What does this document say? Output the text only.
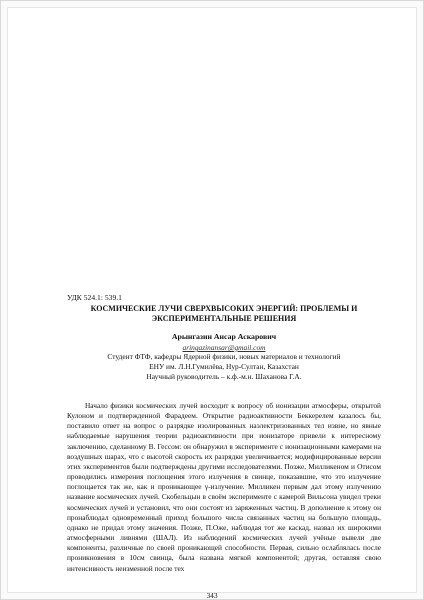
УДК 524.1: 539.1
КОСМИЧЕСКИЕ ЛУЧИ СВЕРХВЫСОКИХ ЭНЕРГИЙ: ПРОБЛЕМЫ И
ЭКСПЕРИМЕНТАЛЬНЫЕ РЕШЕНИЯ
Арынгазин Ансар Аскарович
aringazinansar@gmail.com
Студент ФТФ, кафедры Ядерной физики, новых материалов и технологий
ЕНУ им. Л.Н.Гумилёва, Нур-Султан, Казахстан
Научный руководитель – к.ф.-м.н. Шаханова Г.А.

Начало физики космических лучей восходит к вопросу об ионизации атмосферы, открытой Кулоном и подтвержденной Фарадеем. Открытие радиоактивности Беккерелем казалось бы, поставило ответ на вопрос о разрядке изолированных наэлектризованных тел извне, но явные наблюдаемые нарушения теории радиоактивности при ионизаторе привели к интересному заключению, сделанному В. Гессом: он обнаружил в эксперименте с ионизационными камерами на воздушных шарах, что с высотой скорость их разрядки увеличивается; модифицированные версии этих экспериментов были подтверждены другими исследователями. Позже, Милликеном и Отисом проводились измерения поглощения этого излучения в свинце, показавшие, что это излучение поглощается так же, как и проникающее γ-излучение. Милликен первым дал этому излучению название космических лучей. Скобельцын в своём эксперименте с камерой Вильсона увидел треки космических лучей и установил, что они состоят из заряженных частиц. В дополнение к этому он пронаблюдал одновременный приход большого числа связанных частиц на большую площадь, однако не придал этому значения. Позже, П.Оже, наблюдая тот же каскад, назвал их широкими атмосферными ливнями (ШАЛ). Из наблюдений космических лучей учёные вывели две компоненты, различные по своей проникающей способности. Первая, сильно ослаблялась после проникновения в 10см свинца, была названа мягкой компонентой; другая, оставляя свою интенсивность неизменной после тех

343
